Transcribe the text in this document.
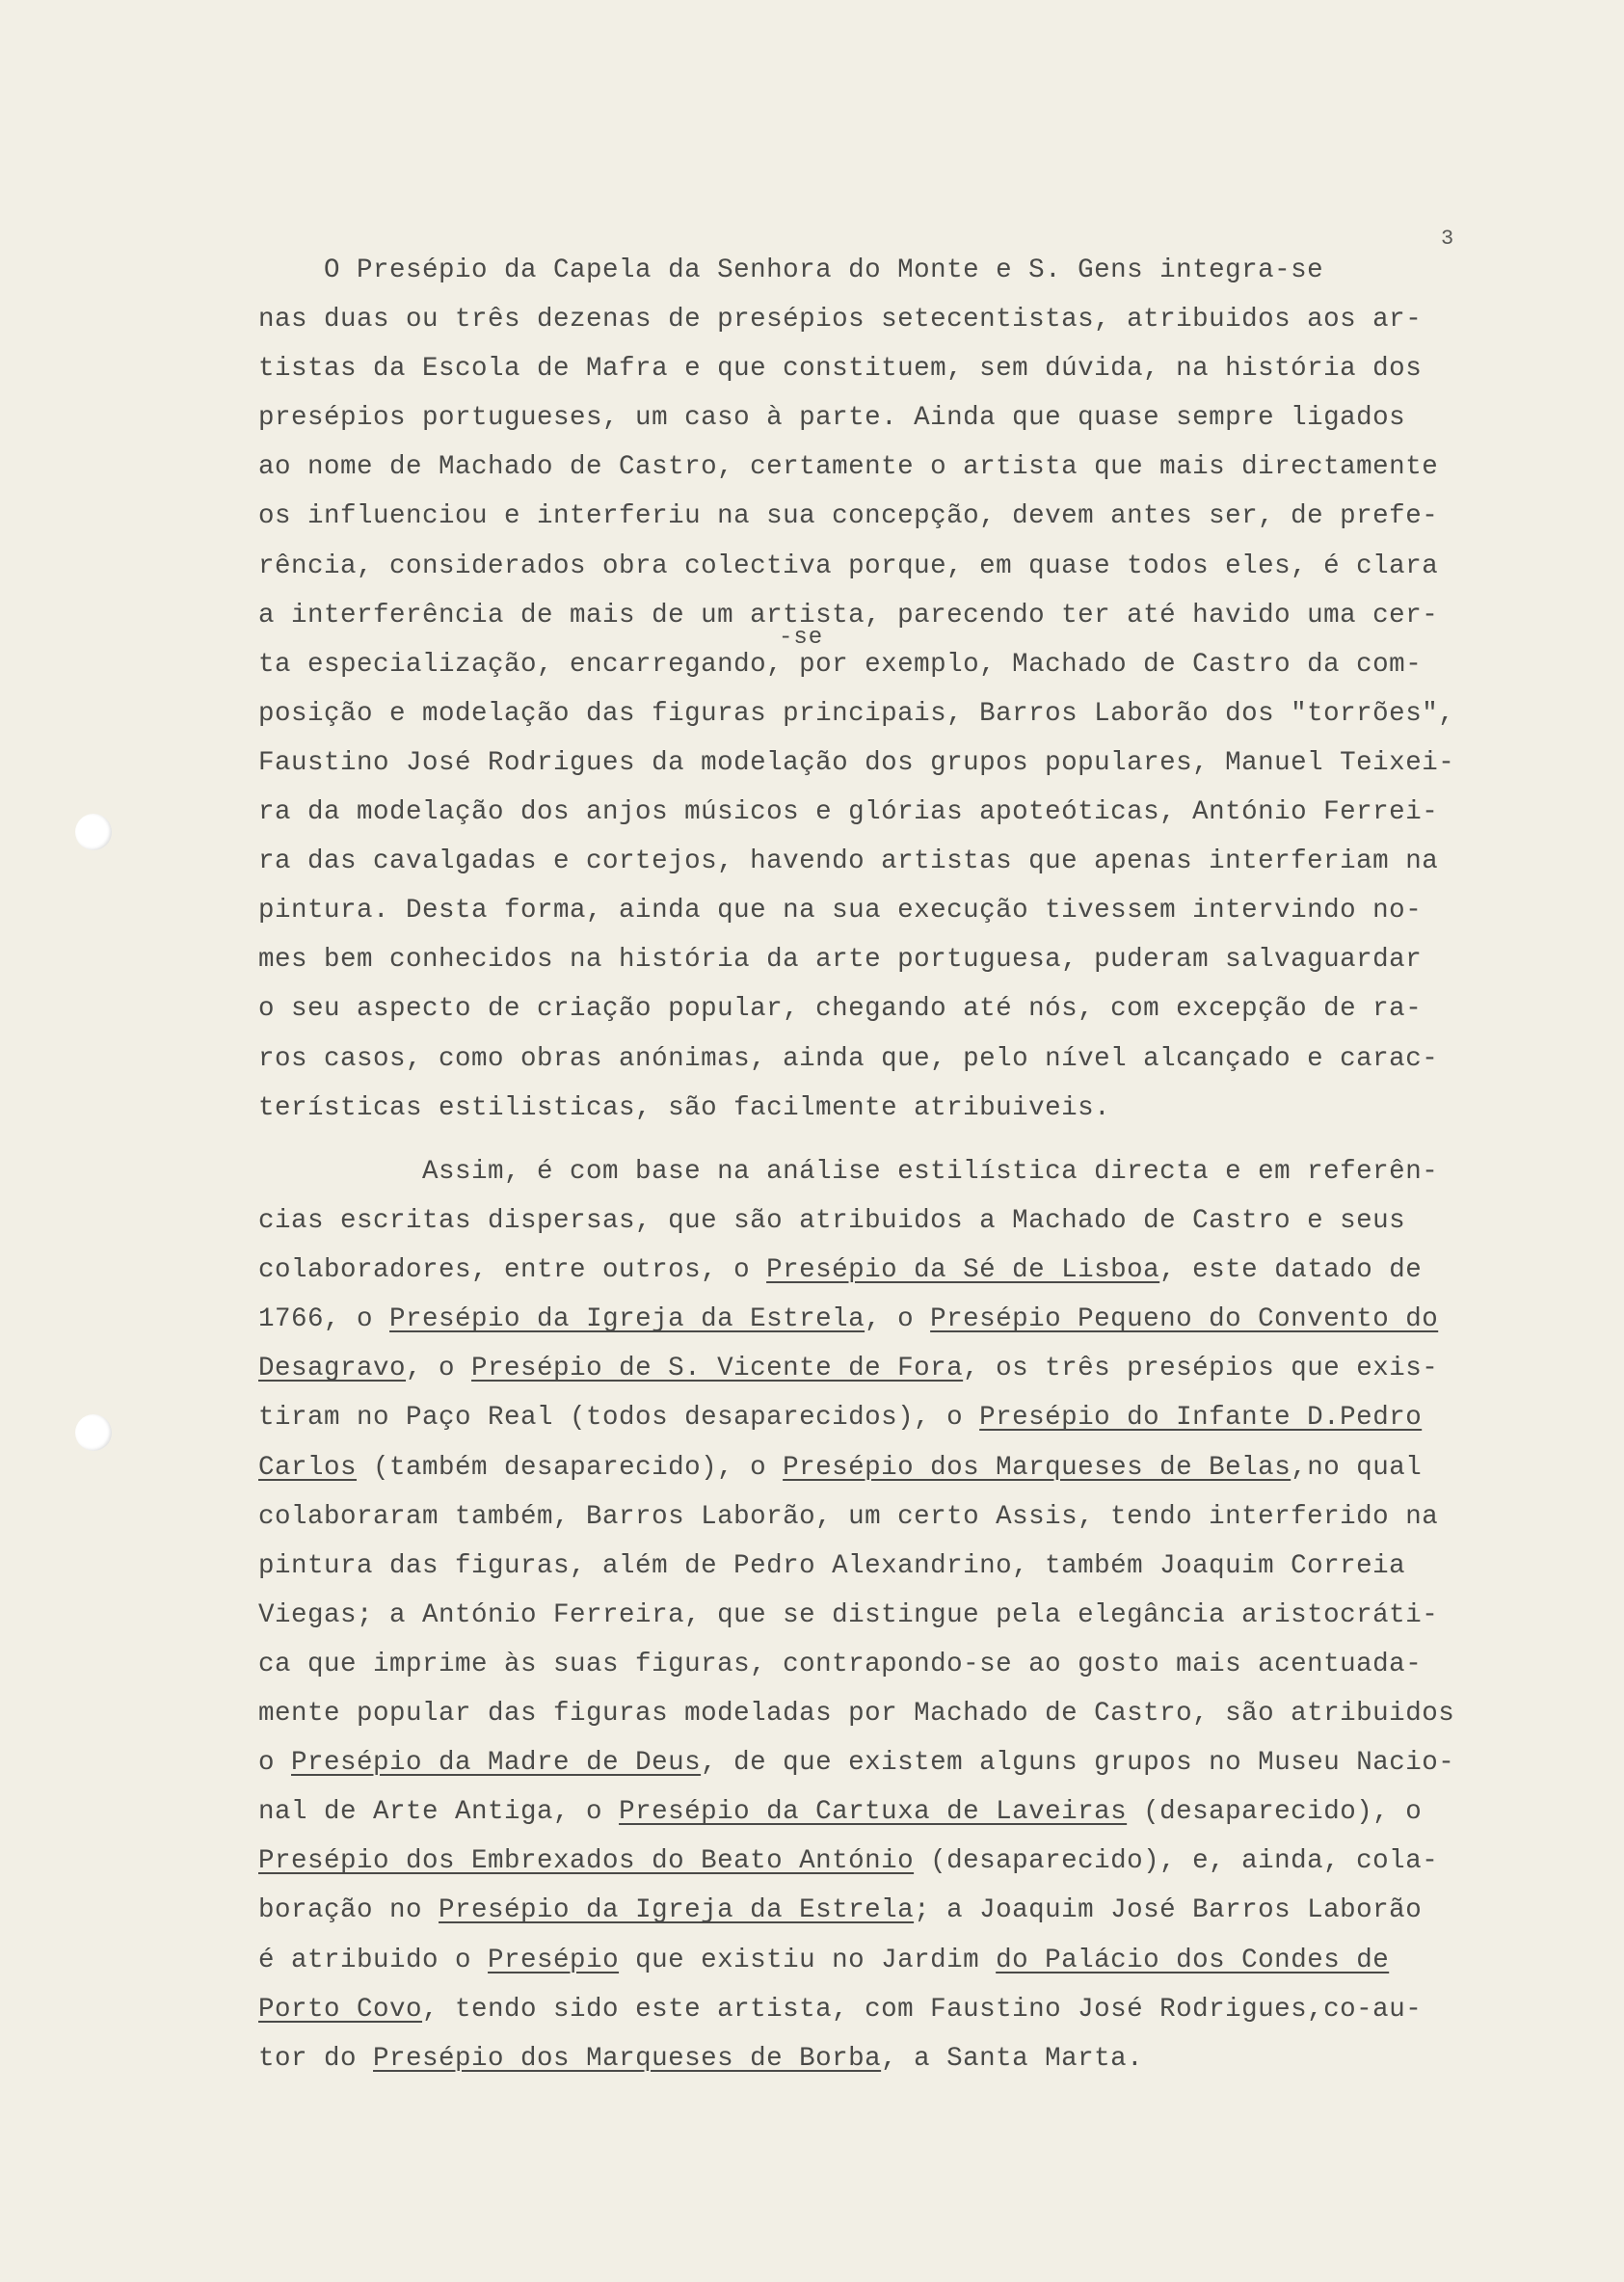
3
O Presépio da Capela da Senhora do Monte e S. Gens integra-se
nas duas ou três dezenas de presépios setecentistas, atribuidos aos ar-
tistas da Escola de Mafra e que constituem, sem dúvida, na história dos
presépios portugueses, um caso à parte. Ainda que quase sempre ligados
ao nome de Machado de Castro, certamente o artista que mais directamente
os influenciou e interferiu na sua concepção, devem antes ser, de prefe-
rência, considerados obra colectiva porque, em quase todos eles, é clara
a interferência de mais de um artista, parecendo ter até havido uma cer-
ta especialização, encarregando, por exemplo, Machado de Castro da com-
posição e modelação das figuras principais, Barros Laborão dos "torrões",
Faustino José Rodrigues da modelação dos grupos populares, Manuel Teixei-
ra da modelação dos anjos músicos e glórias apoteóticas, António Ferrei-
ra das cavalgadas e cortejos, havendo artistas que apenas interferiam na
pintura. Desta forma, ainda que na sua execução tivessem intervindo no-
mes bem conhecidos na história da arte portuguesa, puderam salvaguardar
o seu aspecto de criação popular, chegando até nós, com excepção de ra-
ros casos, como obras anónimas, ainda que, pelo nível alcançado e carac-
terísticas estilisticas, são facilmente atribuiveis.
-se
Assim, é com base na análise estilística directa e em referên-
cias escritas dispersas, que são atribuidos a Machado de Castro e seus
colaboradores, entre outros, o Presépio da Sé de Lisboa, este datado de
1766, o Presépio da Igreja da Estrela, o Presépio Pequeno do Convento do
Desagravo, o Presépio de S. Vicente de Fora, os três presépios que exis-
tiram no Paço Real (todos desaparecidos), o Presépio do Infante D.Pedro
Carlos (também desaparecido), o Presépio dos Marqueses de Belas,no qual
colaboraram também, Barros Laborão, um certo Assis, tendo interferido na
pintura das figuras, além de Pedro Alexandrino, também Joaquim Correia
Viegas; a António Ferreira, que se distingue pela elegância aristocráti-
ca que imprime às suas figuras, contrapondo-se ao gosto mais acentuada-
mente popular das figuras modeladas por Machado de Castro, são atribuidos
o Presépio da Madre de Deus, de que existem alguns grupos no Museu Nacio-
nal de Arte Antiga, o Presépio da Cartuxa de Laveiras (desaparecido), o
Presépio dos Embrexados do Beato António (desaparecido), e, ainda, cola-
boração no Presépio da Igreja da Estrela; a Joaquim José Barros Laborão
é atribuido o Presépio que existiu no Jardim do Palácio dos Condes de
Porto Covo, tendo sido este artista, com Faustino José Rodrigues,co-au-
tor do Presépio dos Marqueses de Borba, a Santa Marta.
